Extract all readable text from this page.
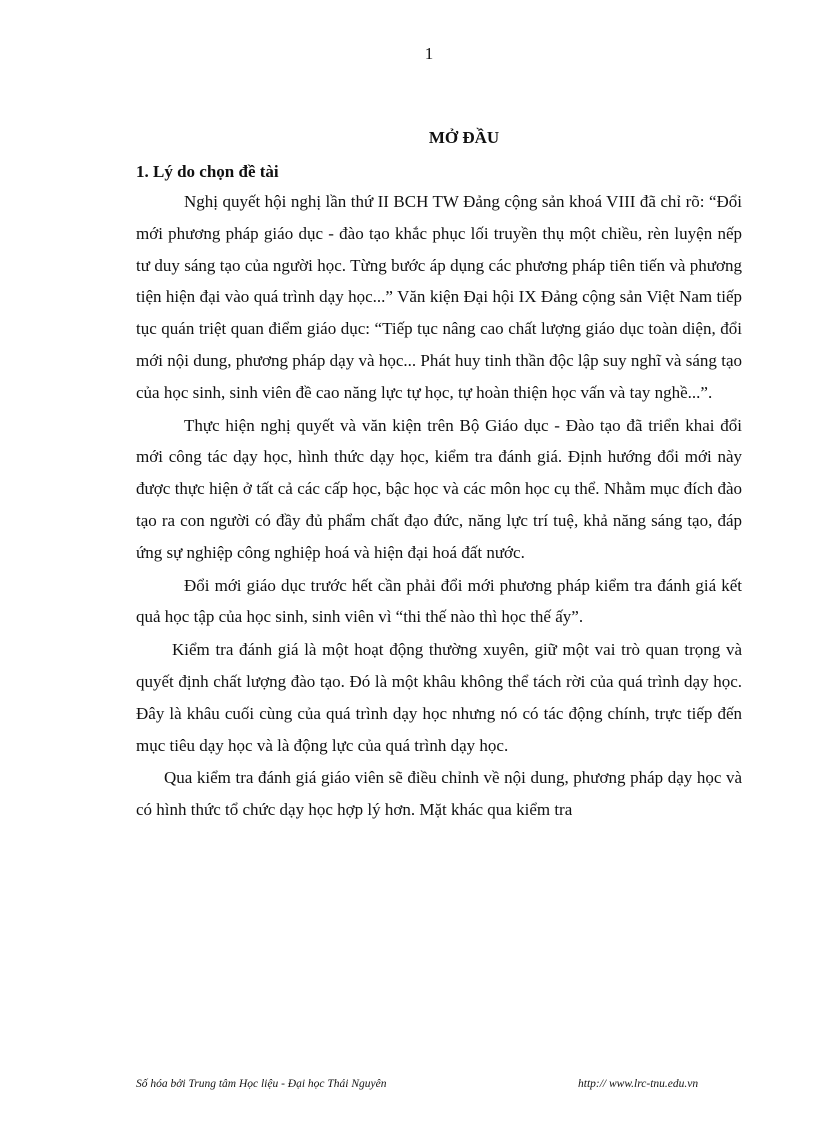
1
MỞ ĐẦU
1. Lý do chọn đề tài

Nghị quyết hội nghị lần thứ II BCH TW Đảng cộng sản khoá VIII đã chỉ rõ: “Đổi mới phương pháp giáo dục - đào tạo khắc phục lối truyền thụ một chiều, rèn luyện nếp tư duy sáng tạo của người học. Từng bước áp dụng các phương pháp tiên tiến và phương tiện hiện đại vào quá trình dạy học...” Văn kiện Đại hội IX Đảng cộng sản Việt Nam tiếp tục quán triệt quan điểm giáo dục: “Tiếp tục nâng cao chất lượng giáo dục toàn diện, đổi mới nội dung, phương pháp dạy và học... Phát huy tinh thần độc lập suy nghĩ và sáng tạo của học sinh, sinh viên đề cao năng lực tự học, tự hoàn thiện học vấn và tay nghề...”.

Thực hiện nghị quyết và văn kiện trên Bộ Giáo dục - Đào tạo đã triển khai đổi mới công tác dạy học, hình thức dạy học, kiểm tra đánh giá. Định hướng đổi mới này được thực hiện ở tất cả các cấp học, bậc học và các môn học cụ thể. Nhằm mục đích đào tạo ra con người có đầy đủ phẩm chất đạo đức, năng lực trí tuệ, khả năng sáng tạo, đáp ứng sự nghiệp công nghiệp hoá và hiện đại hoá đất nước.

Đổi mới giáo dục trước hết cần phải đổi mới phương pháp kiểm tra đánh giá kết quả học tập của học sinh, sinh viên vì “thi thế nào thì học thế ấy”.

Kiểm tra đánh giá là một hoạt động thường xuyên, giữ một vai trò quan trọng và quyết định chất lượng đào tạo. Đó là một khâu không thể tách rời của quá trình dạy học. Đây là khâu cuối cùng của quá trình dạy học nhưng nó có tác động chính, trực tiếp đến mục tiêu dạy học và là động lực của quá trình dạy học.

Qua kiểm tra đánh giá giáo viên sẽ điều chỉnh về nội dung, phương pháp dạy học và có hình thức tổ chức dạy học hợp lý hơn. Mặt khác qua kiểm tra

Số hóa bởi Trung tâm Học liệu - Đại học Thái Nguyên	http:// www.lrc-tnu.edu.vn
